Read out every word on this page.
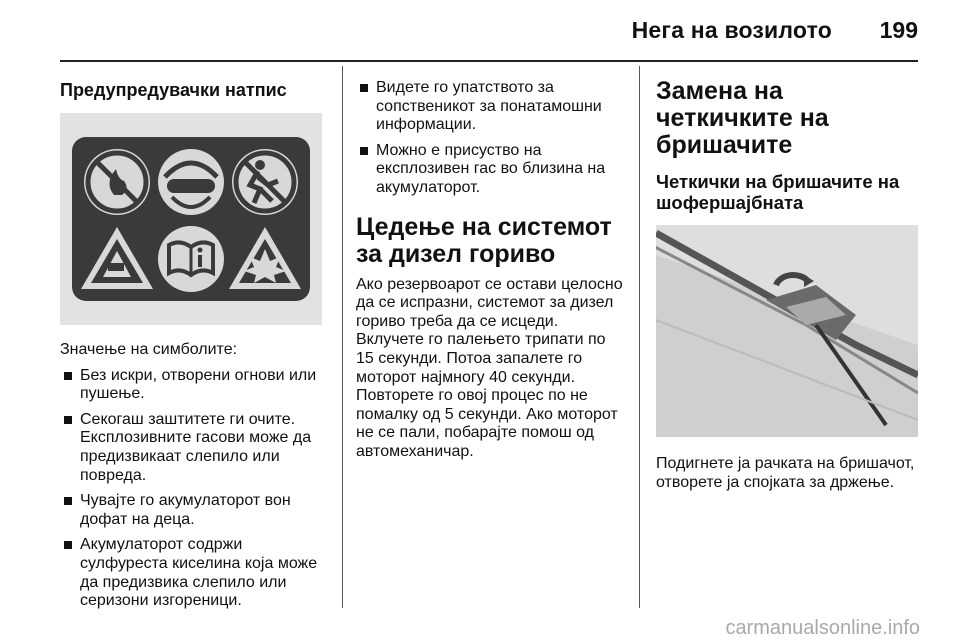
Нега на возилото 199
Предупредувачки натпис

Значење на симболите:

Без искри, отворени огнови или пушење.
Секогаш заштитете ги очите. Експлозивните гасови може да предизвикаат слепило или повреда.
Чувајте го акумулаторот вон дофат на деца.
Акумулаторот содржи сулфуреста киселина која може да предизвика слепило или серизони изгореници.
Видете го упатството за сопственикот за понатамошни информации.
Можно е присуство на експлозивен гас во близина на акумулаторот.
Цедење на системот за дизел гориво

Ако резервоарот се остави целосно да се испразни, системот за дизел гориво треба да се исцеди. Вклучете го палењето трипати по 15 секунди. Потоа запалете го моторот најмногу 40 секунди. Повторете го овој процес по не помалку од 5 секунди. Ако моторот не се пали, побарајте помош од автомеханичар.

Замена на четкичките на бришачите
Четкички на бришачите на шофершајбната

Подигнете ја рачката на бришачот, отворете ја спојката за држење.

carmanualsonline.info
